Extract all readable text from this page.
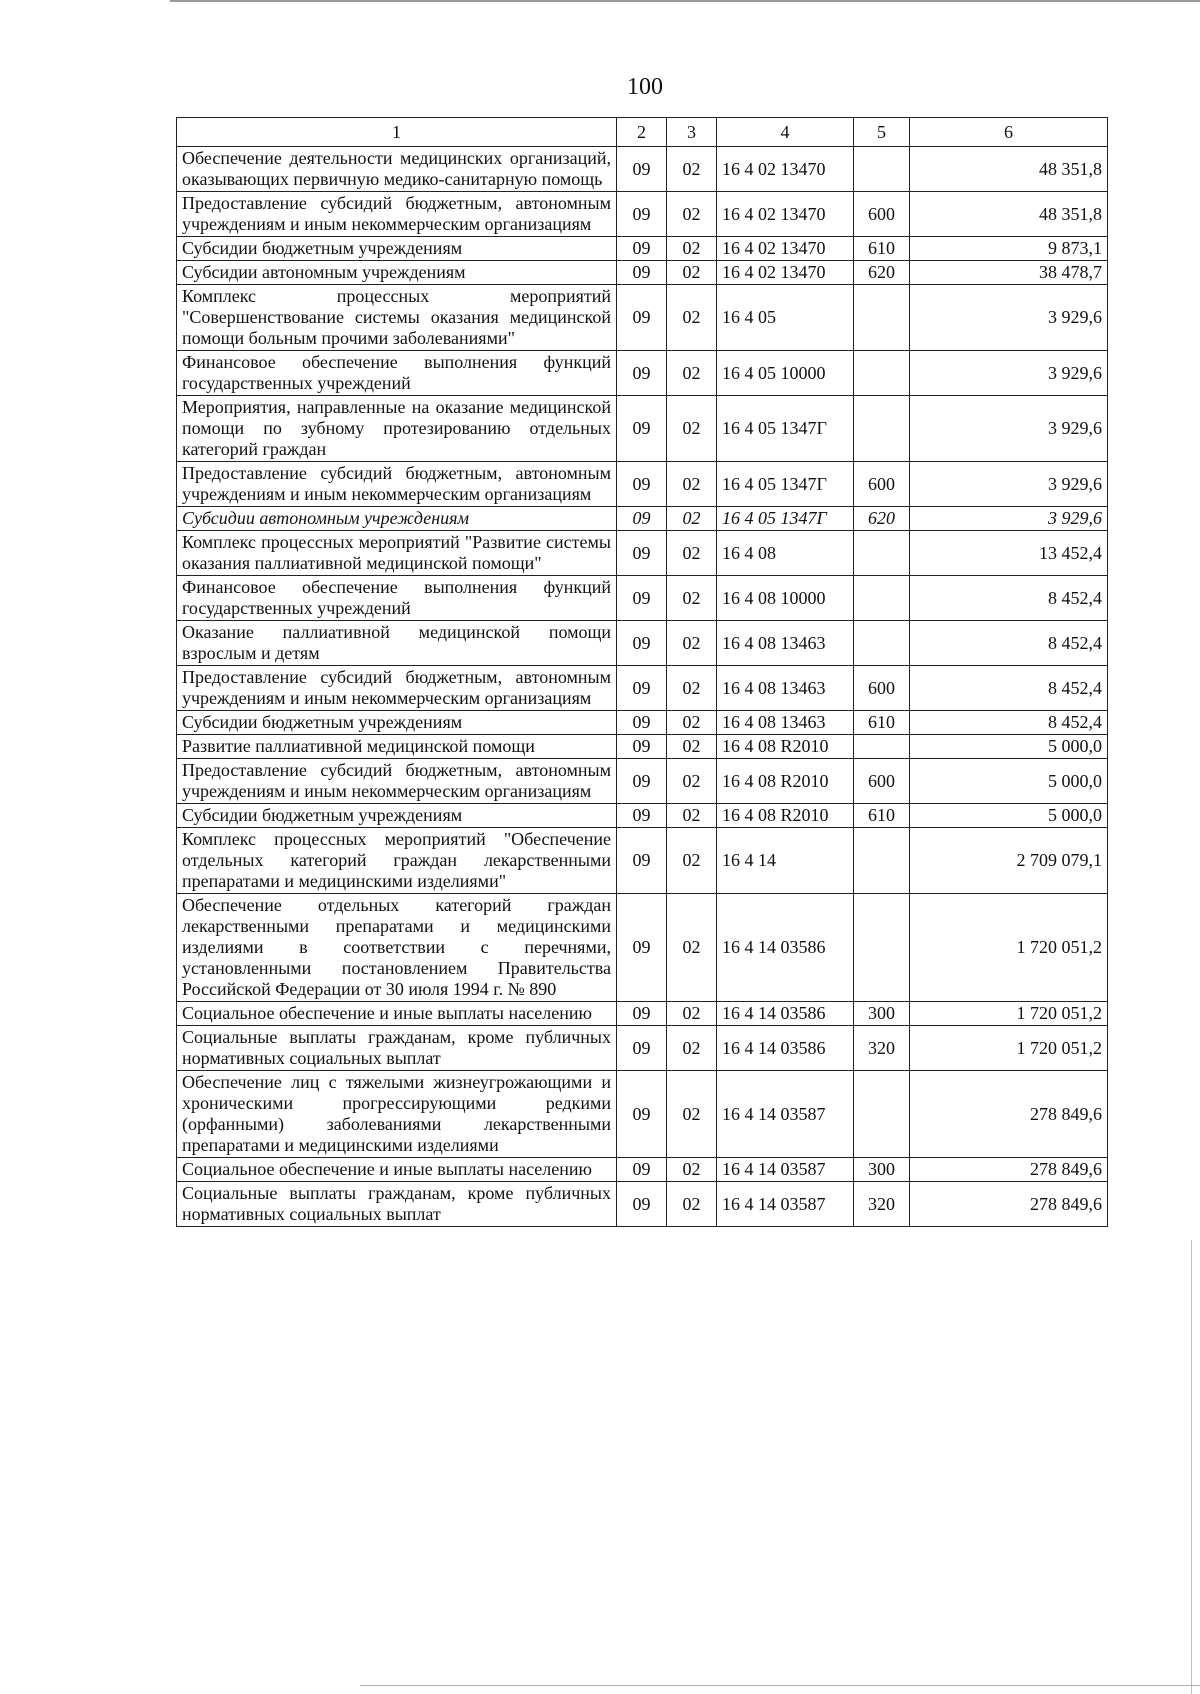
100
1	2	3	4	5	6
Обеспечение деятельности медицинских организаций, оказывающих первичную медико-санитарную помощь	09	02	16 4 02 13470		48 351,8
Предоставление субсидий бюджетным, автономным учреждениям и иным некоммерческим организациям	09	02	16 4 02 13470	600	48 351,8
Субсидии бюджетным учреждениям	09	02	16 4 02 13470	610	9 873,1
Субсидии автономным учреждениям	09	02	16 4 02 13470	620	38 478,7
Комплекс процессных мероприятий "Совершенствование системы оказания медицинской помощи больным прочими заболеваниями"	09	02	16 4 05		3 929,6
Финансовое обеспечение выполнения функций государственных учреждений	09	02	16 4 05 10000		3 929,6
Мероприятия, направленные на оказание медицинской помощи по зубному протезированию отдельных категорий граждан	09	02	16 4 05 1347Г		3 929,6
Предоставление субсидий бюджетным, автономным учреждениям и иным некоммерческим организациям	09	02	16 4 05 1347Г	600	3 929,6
Субсидии автономным учреждениям	09	02	16 4 05 1347Г	620	3 929,6
Комплекс процессных мероприятий "Развитие системы оказания паллиативной медицинской помощи"	09	02	16 4 08		13 452,4
Финансовое обеспечение выполнения функций государственных учреждений	09	02	16 4 08 10000		8 452,4
Оказание паллиативной медицинской помощи взрослым и детям	09	02	16 4 08 13463		8 452,4
Предоставление субсидий бюджетным, автономным учреждениям и иным некоммерческим организациям	09	02	16 4 08 13463	600	8 452,4
Субсидии бюджетным учреждениям	09	02	16 4 08 13463	610	8 452,4
Развитие паллиативной медицинской помощи	09	02	16 4 08 R2010		5 000,0
Предоставление субсидий бюджетным, автономным учреждениям и иным некоммерческим организациям	09	02	16 4 08 R2010	600	5 000,0
Субсидии бюджетным учреждениям	09	02	16 4 08 R2010	610	5 000,0
Комплекс процессных мероприятий "Обеспечение отдельных категорий граждан лекарственными препаратами и медицинскими изделиями"	09	02	16 4 14		2 709 079,1
Обеспечение отдельных категорий граждан лекарственными препаратами и медицинскими изделиями в соответствии с перечнями, установленными постановлением Правительства Российской Федерации от 30 июля 1994 г. № 890	09	02	16 4 14 03586		1 720 051,2
Социальное обеспечение и иные выплаты населению	09	02	16 4 14 03586	300	1 720 051,2
Социальные выплаты гражданам, кроме публичных нормативных социальных выплат	09	02	16 4 14 03586	320	1 720 051,2
Обеспечение лиц с тяжелыми жизнеугрожающими и хроническими прогрессирующими редкими (орфанными) заболеваниями лекарственными препаратами и медицинскими изделиями	09	02	16 4 14 03587		278 849,6
Социальное обеспечение и иные выплаты населению	09	02	16 4 14 03587	300	278 849,6
Социальные выплаты гражданам, кроме публичных нормативных социальных выплат	09	02	16 4 14 03587	320	278 849,6
